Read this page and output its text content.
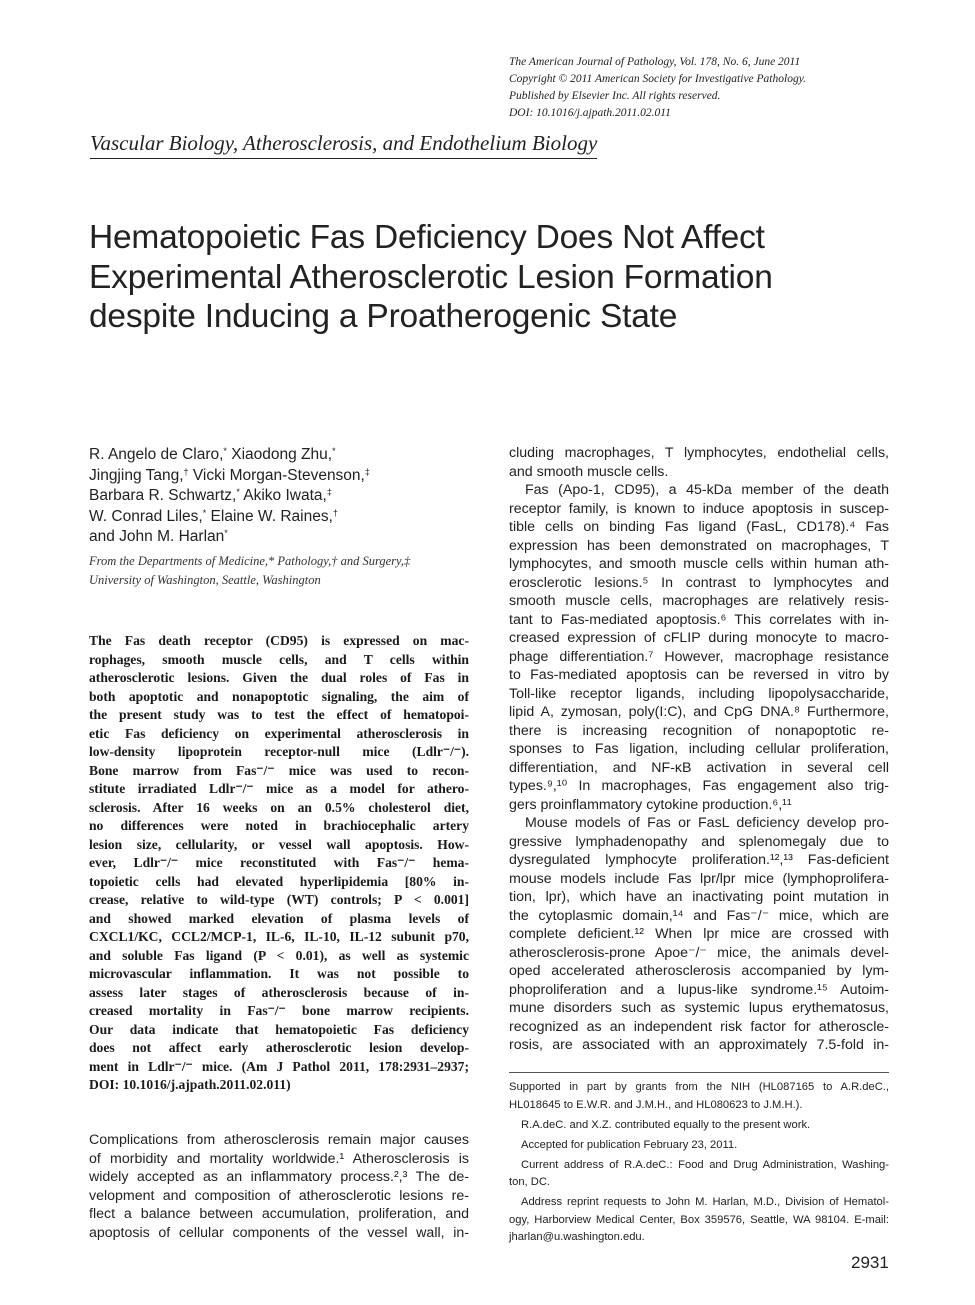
The American Journal of Pathology, Vol. 178, No. 6, June 2011
Copyright © 2011 American Society for Investigative Pathology.
Published by Elsevier Inc. All rights reserved.
DOI: 10.1016/j.ajpath.2011.02.011
Vascular Biology, Atherosclerosis, and Endothelium Biology
Hematopoietic Fas Deficiency Does Not Affect
Experimental Atherosclerotic Lesion Formation
despite Inducing a Proatherogenic State
R. Angelo de Claro,* Xiaodong Zhu,*
Jingjing Tang,† Vicki Morgan-Stevenson,‡
Barbara R. Schwartz,* Akiko Iwata,‡
W. Conrad Liles,* Elaine W. Raines,†
and John M. Harlan*
From the Departments of Medicine,* Pathology,† and Surgery,‡
University of Washington, Seattle, Washington
The Fas death receptor (CD95) is expressed on mac-
rophages, smooth muscle cells, and T cells within
atherosclerotic lesions. Given the dual roles of Fas in
both apoptotic and nonapoptotic signaling, the aim of
the present study was to test the effect of hematopoi-
etic Fas deficiency on experimental atherosclerosis in
low-density lipoprotein receptor-null mice (Ldlr⁻/⁻).
Bone marrow from Fas⁻/⁻ mice was used to recon-
stitute irradiated Ldlr⁻/⁻ mice as a model for athero-
sclerosis. After 16 weeks on an 0.5% cholesterol diet,
no differences were noted in brachiocephalic artery
lesion size, cellularity, or vessel wall apoptosis. How-
ever, Ldlr⁻/⁻ mice reconstituted with Fas⁻/⁻ hema-
topoietic cells had elevated hyperlipidemia [80% in-
crease, relative to wild-type (WT) controls; P < 0.001]
and showed marked elevation of plasma levels of
CXCL1/KC, CCL2/MCP-1, IL-6, IL-10, IL-12 subunit p70,
and soluble Fas ligand (P < 0.01), as well as systemic
microvascular inflammation. It was not possible to
assess later stages of atherosclerosis because of in-
creased mortality in Fas⁻/⁻ bone marrow recipients.
Our data indicate that hematopoietic Fas deficiency
does not affect early atherosclerotic lesion develop-
ment in Ldlr⁻/⁻ mice. (Am J Pathol 2011, 178:2931–2937;
DOI: 10.1016/j.ajpath.2011.02.011)
Complications from atherosclerosis remain major causes
of morbidity and mortality worldwide.¹ Atherosclerosis is
widely accepted as an inflammatory process.²,³ The de-
velopment and composition of atherosclerotic lesions re-
flect a balance between accumulation, proliferation, and
apoptosis of cellular components of the vessel wall, in-
cluding macrophages, T lymphocytes, endothelial cells,
and smooth muscle cells.
Fas (Apo-1, CD95), a 45-kDa member of the death
receptor family, is known to induce apoptosis in suscep-
tible cells on binding Fas ligand (FasL, CD178).⁴ Fas
expression has been demonstrated on macrophages, T
lymphocytes, and smooth muscle cells within human ath-
erosclerotic lesions.⁵ In contrast to lymphocytes and
smooth muscle cells, macrophages are relatively resis-
tant to Fas-mediated apoptosis.⁶ This correlates with in-
creased expression of cFLIP during monocyte to macro-
phage differentiation.⁷ However, macrophage resistance
to Fas-mediated apoptosis can be reversed in vitro by
Toll-like receptor ligands, including lipopolysaccharide,
lipid A, zymosan, poly(I:C), and CpG DNA.⁸ Furthermore,
there is increasing recognition of nonapoptotic re-
sponses to Fas ligation, including cellular proliferation,
differentiation, and NF-κB activation in several cell
types.⁹,¹⁰ In macrophages, Fas engagement also trig-
gers proinflammatory cytokine production.⁶,¹¹
Mouse models of Fas or FasL deficiency develop pro-
gressive lymphadenopathy and splenomegaly due to
dysregulated lymphocyte proliferation.¹²,¹³ Fas-deficient
mouse models include Fas lpr/lpr mice (lymphoprolifera-
tion, lpr), which have an inactivating point mutation in
the cytoplasmic domain,¹⁴ and Fas⁻/⁻ mice, which are
complete deficient.¹² When lpr mice are crossed with
atherosclerosis-prone Apoe⁻/⁻ mice, the animals devel-
oped accelerated atherosclerosis accompanied by lym-
phoproliferation and a lupus-like syndrome.¹⁵ Autoim-
mune disorders such as systemic lupus erythematosus,
recognized as an independent risk factor for atheroscle-
rosis, are associated with an approximately 7.5-fold in-
Supported in part by grants from the NIH (HL087165 to A.R.deC.,
HL018645 to E.W.R. and J.M.H., and HL080623 to J.M.H.).
R.A.deC. and X.Z. contributed equally to the present work.
Accepted for publication February 23, 2011.
Current address of R.A.deC.: Food and Drug Administration, Washing-
ton, DC.
Address reprint requests to John M. Harlan, M.D., Division of Hematol-
ogy, Harborview Medical Center, Box 359576, Seattle, WA 98104. E-mail:
jharlan@u.washington.edu.
2931
